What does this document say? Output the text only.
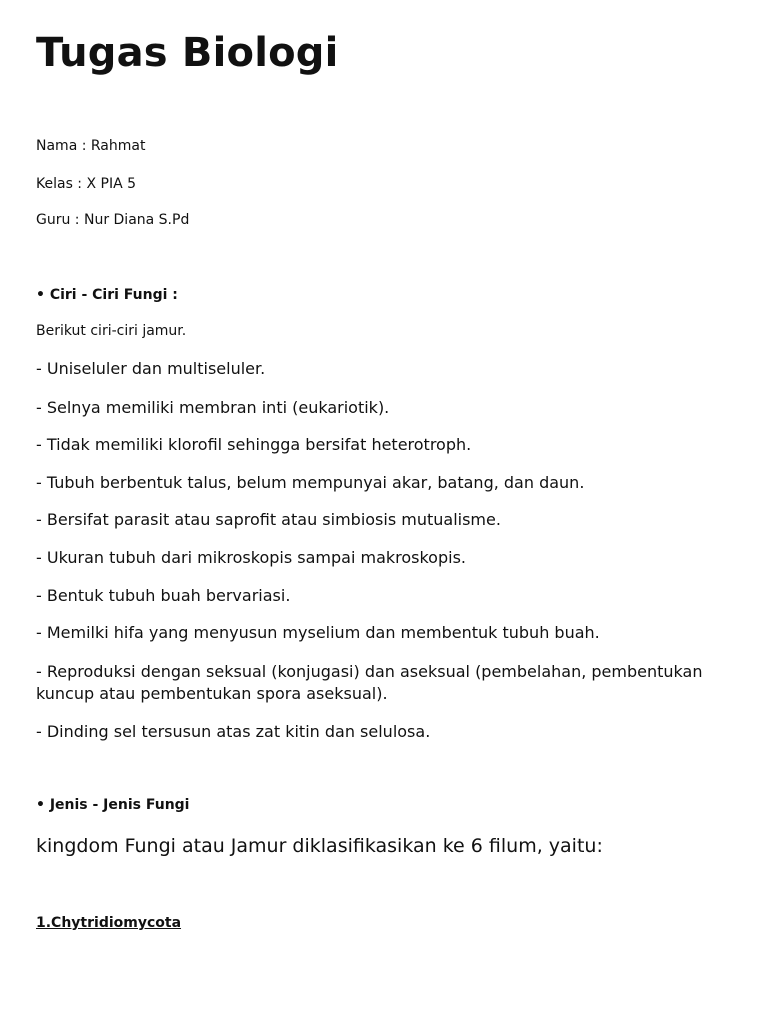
Tugas Biologi

Nama : Rahmat

Kelas : X PIA 5

Guru : Nur Diana S.Pd

• Ciri - Ciri Fungi :

Berikut ciri-ciri jamur.

- Uniseluler dan multiseluler.

- Selnya memiliki membran inti (eukariotik).

- Tidak memiliki klorofil sehingga bersifat heterotroph.

- Tubuh berbentuk talus, belum mempunyai akar, batang, dan daun.

- Bersifat parasit atau saprofit atau simbiosis mutualisme.

- Ukuran tubuh dari mikroskopis sampai makroskopis.

- Bentuk tubuh buah bervariasi.

- Memilki hifa yang menyusun myselium dan membentuk tubuh buah.

- Reproduksi dengan seksual (konjugasi) dan aseksual (pembelahan, pembentukan kuncup atau pembentukan spora aseksual).

- Dinding sel tersusun atas zat kitin dan selulosa.

• Jenis - Jenis Fungi

kingdom Fungi atau Jamur diklasifikasikan ke 6 filum, yaitu:

1.Chytridiomycota
